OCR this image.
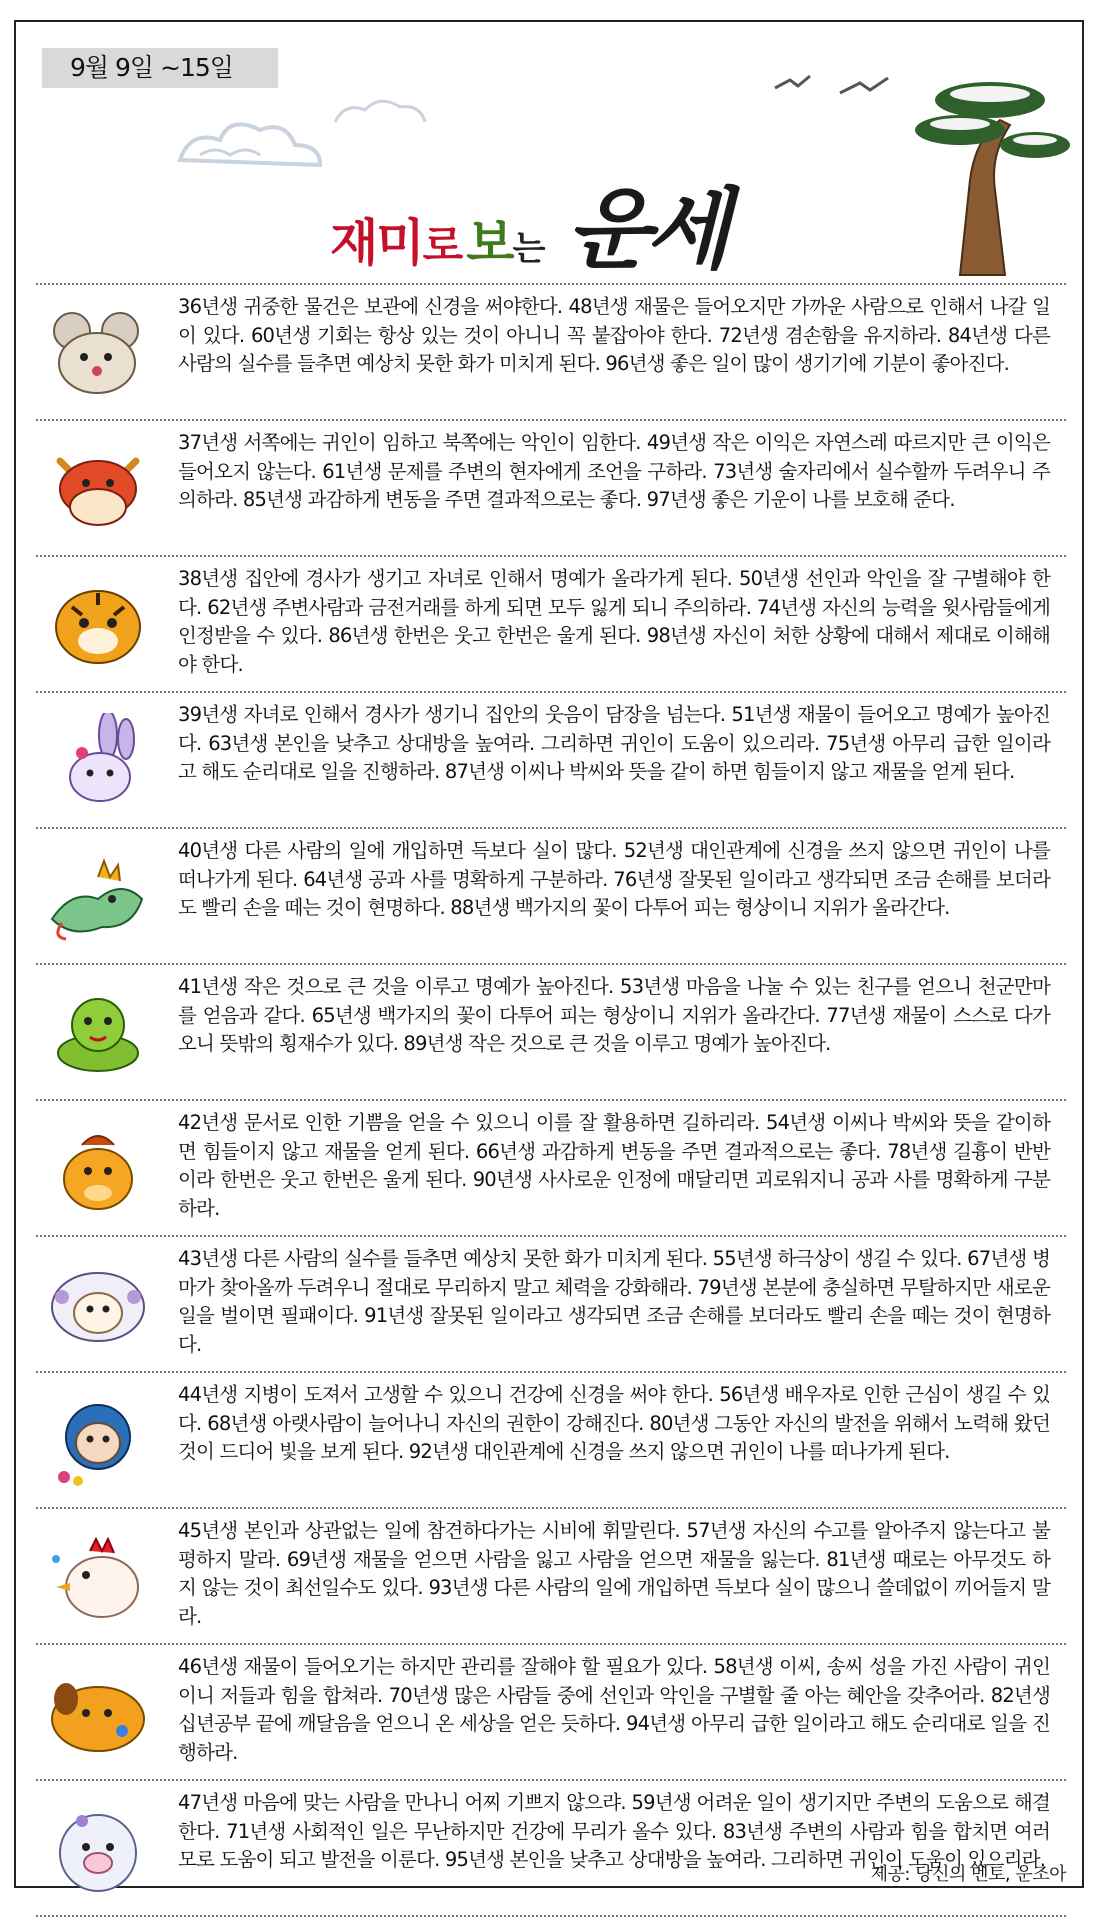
9월 9일 ~15일
재미로 보는 운세
36년생 귀중한 물건은 보관에 신경을 써야한다. 48년생 재물은 들어오지만 가까운 사람으로 인해서 나갈 일이 있다. 60년생 기회는 항상 있는 것이 아니니 꼭 붙잡아야 한다. 72년생 겸손함을 유지하라. 84년생 다른 사람의 실수를 들추면 예상치 못한 화가 미치게 된다. 96년생 좋은 일이 많이 생기기에 기분이 좋아진다.
37년생 서쪽에는 귀인이 임하고 북쪽에는 악인이 임한다. 49년생 작은 이익은 자연스레 따르지만 큰 이익은 들어오지 않는다. 61년생 문제를 주변의 현자에게 조언을 구하라. 73년생 술자리에서 실수할까 두려우니 주의하라. 85년생 과감하게 변동을 주면 결과적으로는 좋다. 97년생 좋은 기운이 나를 보호해 준다.
38년생 집안에 경사가 생기고 자녀로 인해서 명예가 올라가게 된다. 50년생 선인과 악인을 잘 구별해야 한다. 62년생 주변사람과 금전거래를 하게 되면 모두 잃게 되니 주의하라. 74년생 자신의 능력을 윗사람들에게 인정받을 수 있다. 86년생 한번은 웃고 한번은 울게 된다. 98년생 자신이 처한 상황에 대해서 제대로 이해해야 한다.
39년생 자녀로 인해서 경사가 생기니 집안의 웃음이 담장을 넘는다. 51년생 재물이 들어오고 명예가 높아진다. 63년생 본인을 낮추고 상대방을 높여라. 그리하면 귀인이 도움이 있으리라. 75년생 아무리 급한 일이라고 해도 순리대로 일을 진행하라. 87년생 이씨나 박씨와 뜻을 같이 하면 힘들이지 않고 재물을 얻게 된다.
40년생 다른 사람의 일에 개입하면 득보다 실이 많다. 52년생 대인관계에 신경을 쓰지 않으면 귀인이 나를 떠나가게 된다. 64년생 공과 사를 명확하게 구분하라. 76년생 잘못된 일이라고 생각되면 조금 손해를 보더라도 빨리 손을 떼는 것이 현명하다. 88년생 백가지의 꽃이 다투어 피는 형상이니 지위가 올라간다.
41년생 작은 것으로 큰 것을 이루고 명예가 높아진다. 53년생 마음을 나눌 수 있는 친구를 얻으니 천군만마를 얻음과 같다. 65년생 백가지의 꽃이 다투어 피는 형상이니 지위가 올라간다. 77년생 재물이 스스로 다가오니 뜻밖의 횡재수가 있다. 89년생 작은 것으로 큰 것을 이루고 명예가 높아진다.
42년생 문서로 인한 기쁨을 얻을 수 있으니 이를 잘 활용하면 길하리라. 54년생 이씨나 박씨와 뜻을 같이하면 힘들이지 않고 재물을 얻게 된다. 66년생 과감하게 변동을 주면 결과적으로는 좋다. 78년생 길흉이 반반이라 한번은 웃고 한번은 울게 된다. 90년생 사사로운 인정에 매달리면 괴로워지니 공과 사를 명확하게 구분하라.
43년생 다른 사람의 실수를 들추면 예상치 못한 화가 미치게 된다. 55년생 하극상이 생길 수 있다. 67년생 병마가 찾아올까 두려우니 절대로 무리하지 말고 체력을 강화해라. 79년생 본분에 충실하면 무탈하지만 새로운 일을 벌이면 필패이다. 91년생 잘못된 일이라고 생각되면 조금 손해를 보더라도 빨리 손을 떼는 것이 현명하다.
44년생 지병이 도져서 고생할 수 있으니 건강에 신경을 써야 한다. 56년생 배우자로 인한 근심이 생길 수 있다. 68년생 아랫사람이 늘어나니 자신의 권한이 강해진다. 80년생 그동안 자신의 발전을 위해서 노력해 왔던 것이 드디어 빛을 보게 된다. 92년생 대인관계에 신경을 쓰지 않으면 귀인이 나를 떠나가게 된다.
45년생 본인과 상관없는 일에 참견하다가는 시비에 휘말린다. 57년생 자신의 수고를 알아주지 않는다고 불평하지 말라. 69년생 재물을 얻으면 사람을 잃고 사람을 얻으면 재물을 잃는다. 81년생 때로는 아무것도 하지 않는 것이 최선일수도 있다. 93년생 다른 사람의 일에 개입하면 득보다 실이 많으니 쓸데없이 끼어들지 말라.
46년생 재물이 들어오기는 하지만 관리를 잘해야 할 필요가 있다. 58년생 이씨, 송씨 성을 가진 사람이 귀인이니 저들과 힘을 합쳐라. 70년생 많은 사람들 중에 선인과 악인을 구별할 줄 아는 혜안을 갖추어라. 82년생 십년공부 끝에 깨달음을 얻으니 온 세상을 얻은 듯하다. 94년생 아무리 급한 일이라고 해도 순리대로 일을 진행하라.
47년생 마음에 맞는 사람을 만나니 어찌 기쁘지 않으랴. 59년생 어려운 일이 생기지만 주변의 도움으로 해결한다. 71년생 사회적인 일은 무난하지만 건강에 무리가 올수 있다. 83년생 주변의 사람과 힘을 합치면 여러모로 도움이 되고 발전을 이룬다. 95년생 본인을 낮추고 상대방을 높여라. 그리하면 귀인이 도움이 있으리라.
제공: 당신의 멘토, 운조아
